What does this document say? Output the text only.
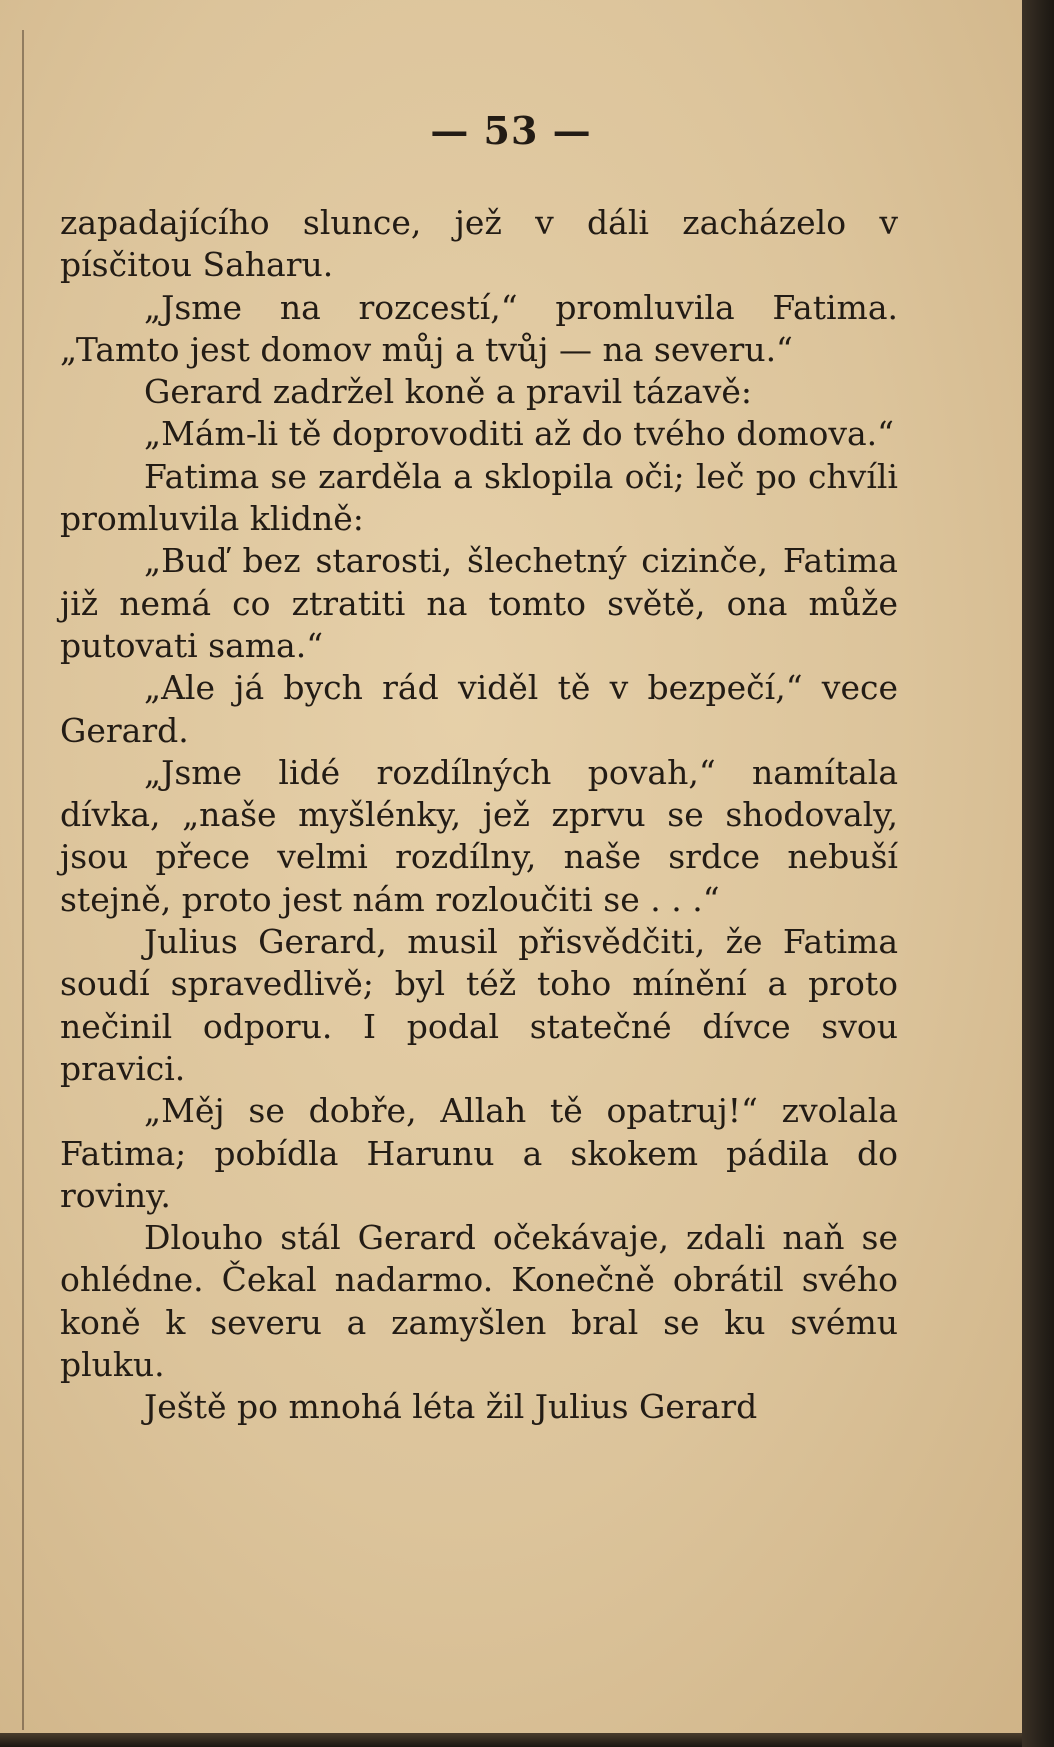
— 53 —

zapadajícího slunce, jež v dáli zacházelo v písčitou Saharu.

„Jsme na rozcestí,“ promluvila Fatima. „Tamto jest domov můj a tvůj — na severu.“

Gerard zadržel koně a pravil tázavě:

„Mám-li tě doprovoditi až do tvého domova.“

Fatima se zarděla a sklopila oči; leč po chvíli promluvila klidně:

„Buď bez starosti, šlechetný cizinče, Fatima již nemá co ztratiti na tomto světě, ona může putovati sama.“

„Ale já bych rád viděl tě v bezpečí,“ vece Gerard.

„Jsme lidé rozdílných povah,“ namítala dívka, „naše myšlénky, jež zprvu se shodovaly, jsou přece velmi rozdílny, naše srdce nebuší stejně, proto jest nám rozloučiti se . . .“

Julius Gerard, musil přisvědčiti, že Fatima soudí spravedlivě; byl též toho mínění a proto nečinil odporu. I podal statečné dívce svou pravici.

„Měj se dobře, Allah tě opatruj!“ zvolala Fatima; pobídla Harunu a skokem pádila do roviny.

Dlouho stál Gerard očekávaje, zdali naň se ohlédne. Čekal nadarmo. Konečně obrátil svého koně k severu a zamyšlen bral se ku svému pluku.

Ještě po mnohá léta žil Julius Gerard
